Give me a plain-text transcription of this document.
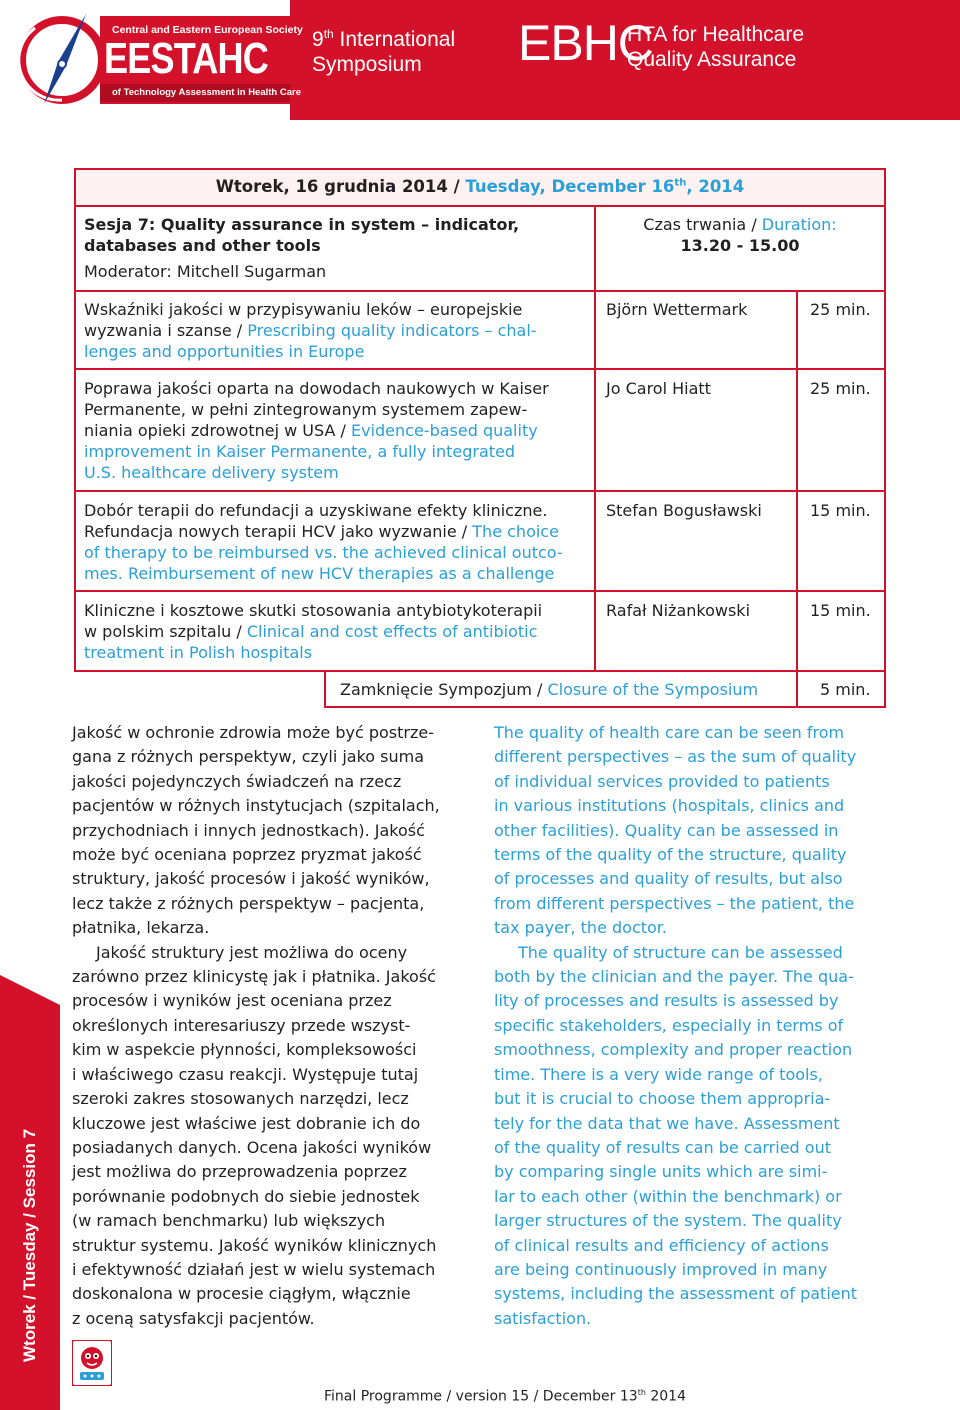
Central and Eastern European Society
EESTAHC
of Technology Assessment in Health Care
9th International
Symposium	EBHC
HTA for Healthcare
Quality Assurance
Wtorek, 16 grudnia 2014 / Tuesday, December 16th, 2014
Sesja 7: Quality assurance in system – indicator,
databases and other tools
Moderator: Mitchell Sugarman
Czas trwania / Duration:
13.20 - 15.00
Wskaźniki jakości w przypisywaniu leków – europejskie
wyzwania i szanse / Prescribing quality indicators – chal-
lenges and opportunities in Europe
Björn Wettermark	25 min.
Poprawa jakości oparta na dowodach naukowych w Kaiser
Permanente, w pełni zintegrowanym systemem zapew-
niania opieki zdrowotnej w USA / Evidence-based quality
improvement in Kaiser Permanente, a fully integrated
U.S. healthcare delivery system
Jo Carol Hiatt	25 min.
Dobór terapii do refundacji a uzyskiwane efekty kliniczne.
Refundacja nowych terapii HCV jako wyzwanie / The choice
of therapy to be reimbursed vs. the achieved clinical outco-
mes. Reimbursement of new HCV therapies as a challenge
Stefan Bogusławski	15 min.
Kliniczne i kosztowe skutki stosowania antybiotykoterapii
w polskim szpitalu / Clinical and cost effects of antibiotic
treatment in Polish hospitals
Rafał Niżankowski	15 min.
Zamknięcie Sympozjum / Closure of the Symposium	5 min.
Jakość w ochronie zdrowia może być postrze-
gana z różnych perspektyw, czyli jako suma
jakości pojedynczych świadczeń na rzecz
pacjentów w różnych instytucjach (szpitalach,
przychodniach i innych jednostkach). Jakość
może być oceniana poprzez pryzmat jakość
struktury, jakość procesów i jakość wyników,
lecz także z różnych perspektyw – pacjenta,
płatnika, lekarza.
Jakość struktury jest możliwa do oceny
zarówno przez klinicystę jak i płatnika. Jakość
procesów i wyników jest oceniana przez
określonych interesariuszy przede wszyst-
kim w aspekcie płynności, kompleksowości
i właściwego czasu reakcji. Występuje tutaj
szeroki zakres stosowanych narzędzi, lecz
kluczowe jest właściwe jest dobranie ich do
posiadanych danych. Ocena jakości wyników
jest możliwa do przeprowadzenia poprzez
porównanie podobnych do siebie jednostek
(w ramach benchmarku) lub większych
struktur systemu. Jakość wyników klinicznych
i efektywność działań jest w wielu systemach
doskonalona w procesie ciągłym, włącznie
z oceną satysfakcji pacjentów.
The quality of health care can be seen from
different perspectives – as the sum of quality
of individual services provided to patients
in various institutions (hospitals, clinics and
other facilities). Quality can be assessed in
terms of the quality of the structure, quality
of processes and quality of results, but also
from different perspectives – the patient, the
tax payer, the doctor.
The quality of structure can be assessed
both by the clinician and the payer. The qua-
lity of processes and results is assessed by
specific stakeholders, especially in terms of
smoothness, complexity and proper reaction
time. There is a very wide range of tools,
but it is crucial to choose them appropria-
tely for the data that we have. Assessment
of the quality of results can be carried out
by comparing single units which are simi-
lar to each other (within the benchmark) or
larger structures of the system. The quality
of clinical results and efficiency of actions
are being continuously improved in many
systems, including the assessment of patient
satisfaction.
Wtorek / Tuesday / Session 7
Final Programme / version 15 / December 13th 2014
